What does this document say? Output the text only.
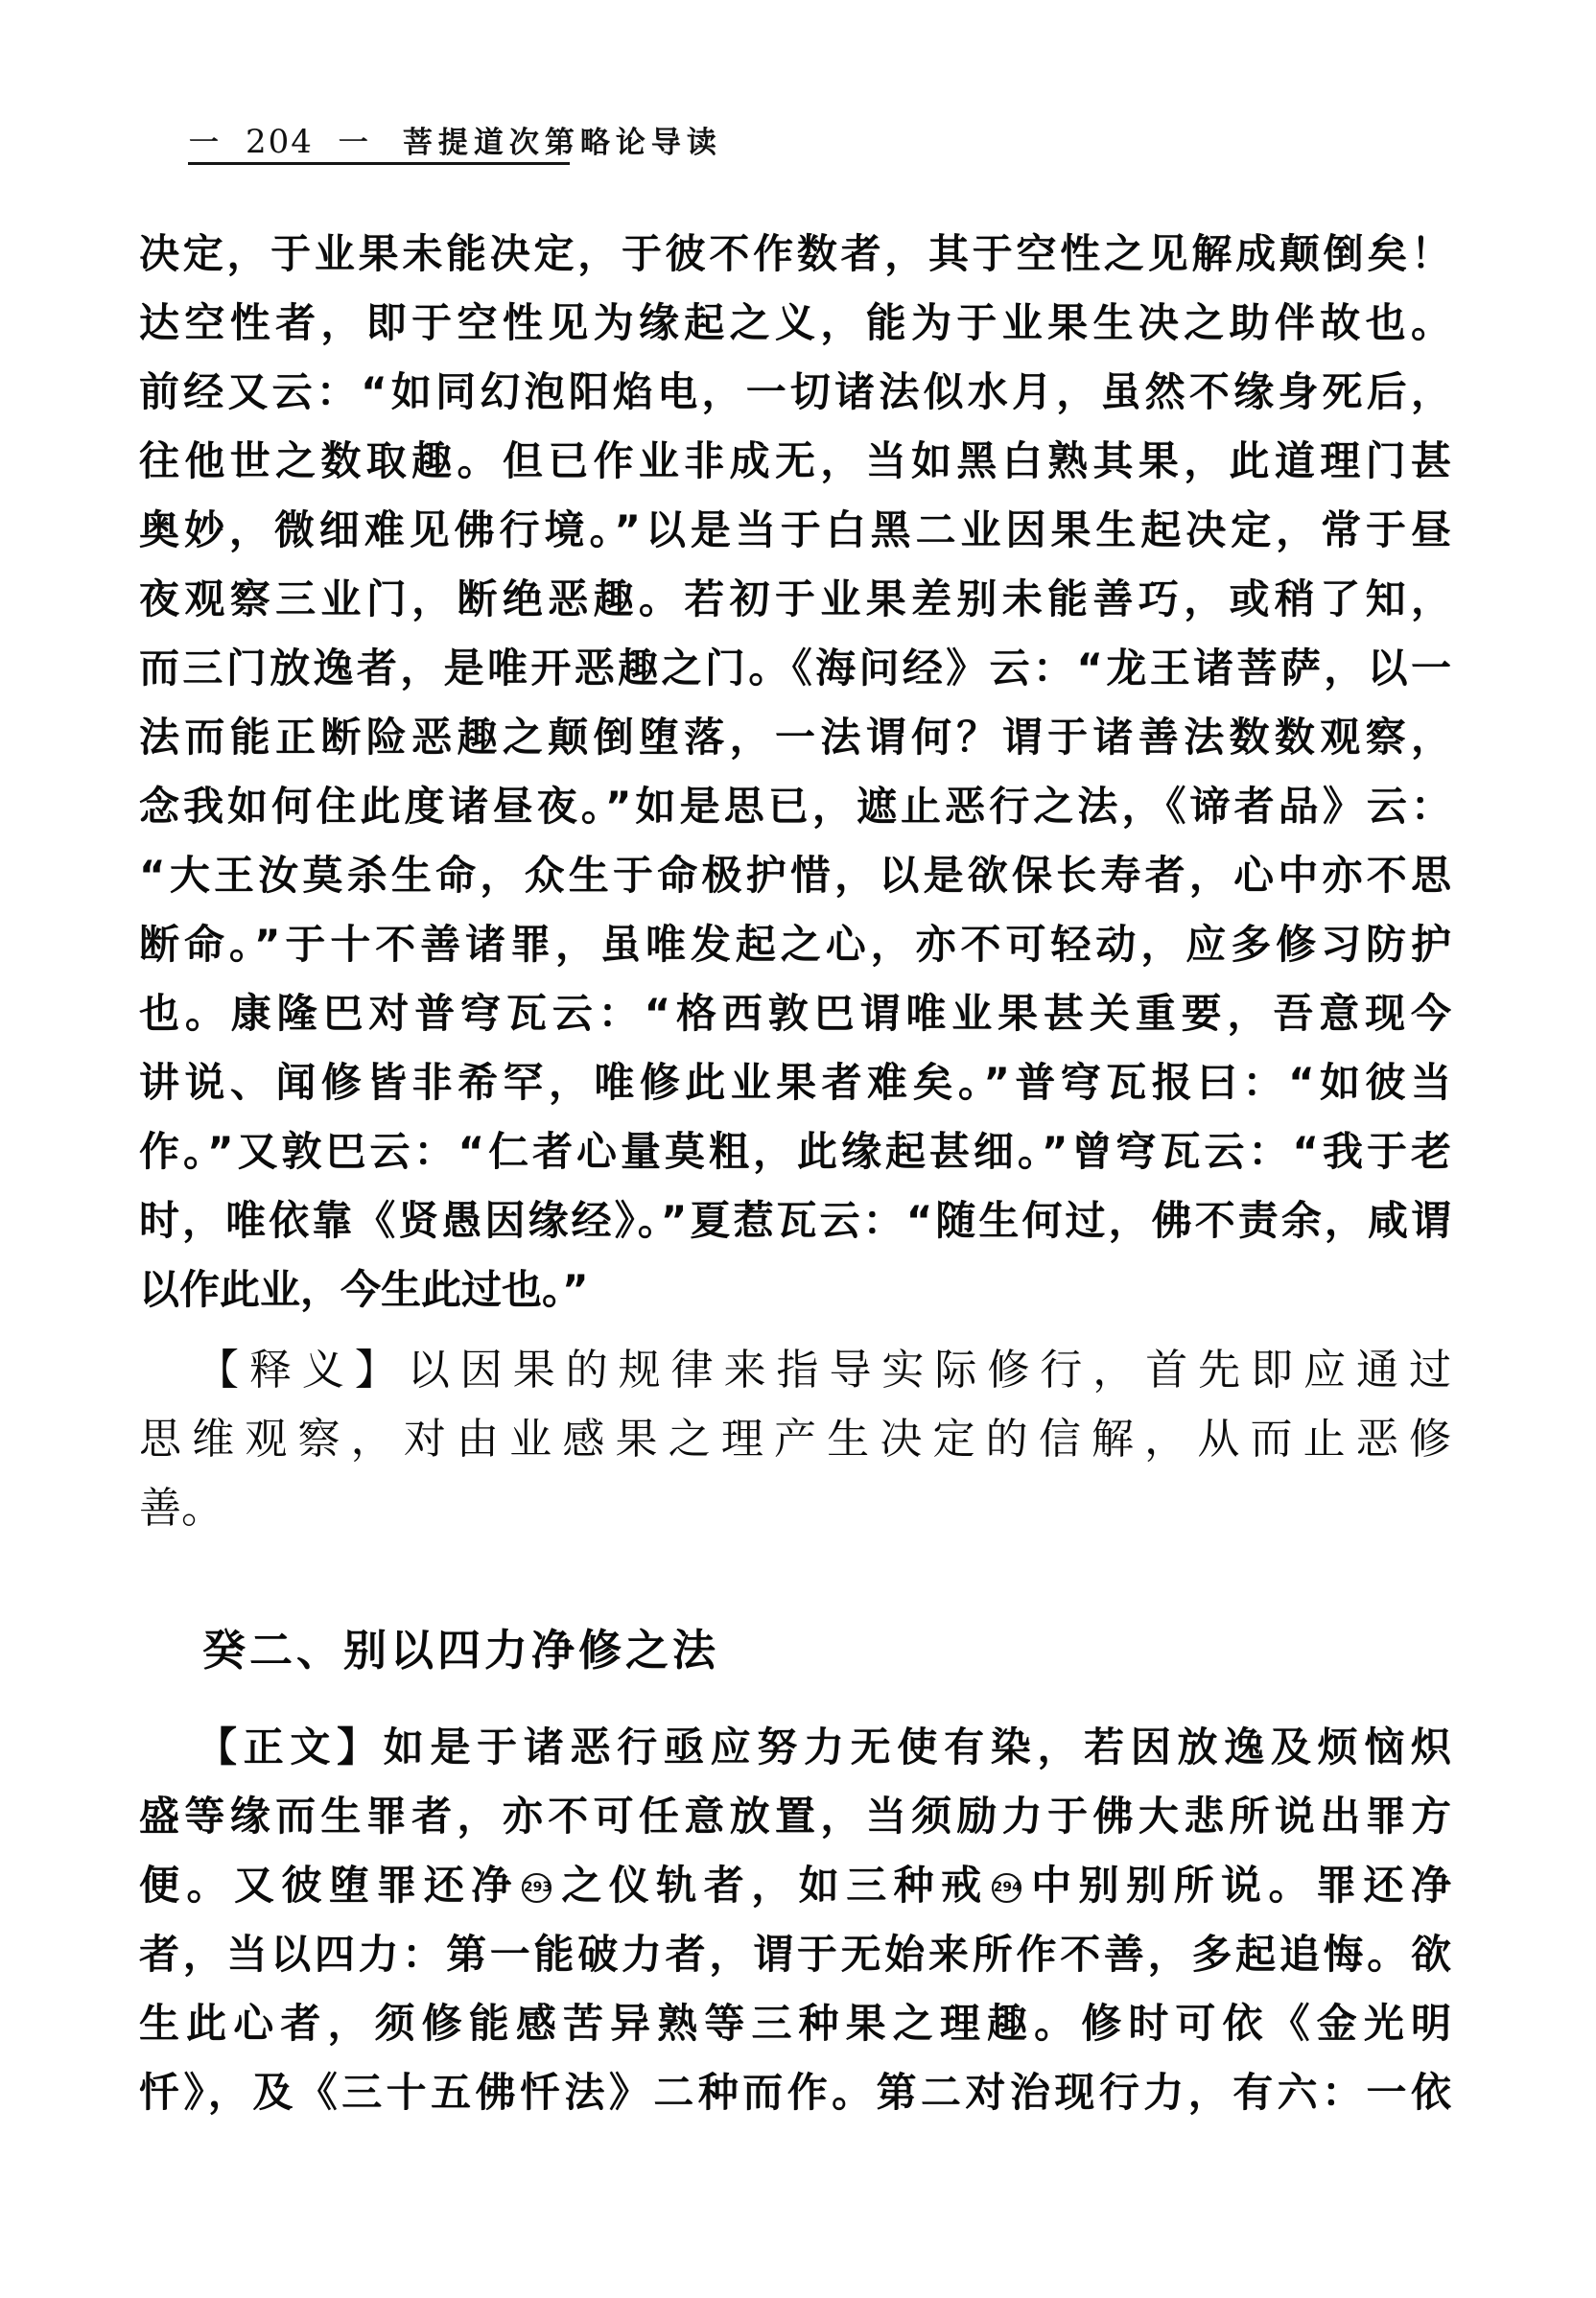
一 204 一 菩提道次第略论导读
决定，于业果未能决定，于彼不作数者，其于空性之见解成颠倒矣！
达空性者，即于空性见为缘起之义，能为于业果生决之助伴故也。
前经又云：“如同幻泡阳焰电，一切诸法似水月，虽然不缘身死后，
往他世之数取趣。但已作业非成无，当如黑白熟其果，此道理门甚
奥妙，微细难见佛行境。”以是当于白黑二业因果生起决定，常于昼
夜观察三业门，断绝恶趣。若初于业果差别未能善巧，或稍了知，
而三门放逸者，是唯开恶趣之门。《海问经》云：“龙王诸菩萨，以一
法而能正断险恶趣之颠倒堕落，一法谓何？谓于诸善法数数观察，
念我如何住此度诸昼夜。”如是思已，遮止恶行之法，《谛者品》云：
“大王汝莫杀生命，众生于命极护惜，以是欲保长寿者，心中亦不思
断命。”于十不善诸罪，虽唯发起之心，亦不可轻动，应多修习防护
也。康隆巴对普穹瓦云：“格西敦巴谓唯业果甚关重要，吾意现今
讲说、闻修皆非希罕，唯修此业果者难矣。”普穹瓦报曰：“如彼当
作。”又敦巴云：“仁者心量莫粗，此缘起甚细。”曾穹瓦云：“我于老
时，唯依靠《贤愚因缘经》。”夏惹瓦云：“随生何过，佛不责余，咸谓
以作此业，今生此过也。”
【释义】以因果的规律来指导实际修行，首先即应通过
思维观察，对由业感果之理产生决定的信解，从而止恶修
善。
癸二、别以四力净修之法
【正文】如是于诸恶行亟应努力无使有染，若因放逸及烦恼炽
盛等缘而生罪者，亦不可任意放置，当须励力于佛大悲所说出罪方
便。又彼堕罪还净 293之仪轨者，如三种戒 294中别别所说。罪还净
者，当以四力：第一能破力者，谓于无始来所作不善，多起追悔。欲
生此心者，须修能感苦异熟等三种果之理趣。修时可依《金光明
忏》，及《三十五佛忏法》二种而作。第二对治现行力，有六：一依
